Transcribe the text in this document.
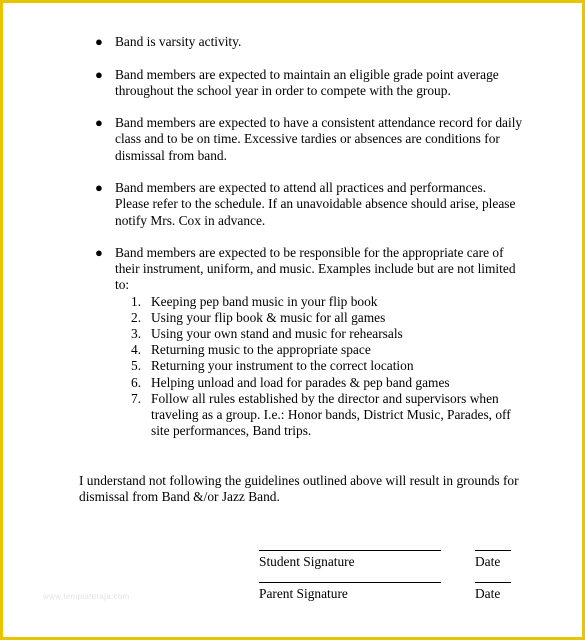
● Band is varsity activity.
● Band members are expected to maintain an eligible grade point average throughout the school year in order to compete with the group.
● Band members are expected to have a consistent attendance record for daily class and to be on time. Excessive tardies or absences are conditions for dismissal from band.
● Band members are expected to attend all practices and performances. Please refer to the schedule. If an unavoidable absence should arise, please notify Mrs. Cox in advance.
● Band members are expected to be responsible for the appropriate care of their instrument, uniform, and music. Examples include but are not limited to:
1. Keeping pep band music in your flip book
2. Using your flip book & music for all games
3. Using your own stand and music for rehearsals
4. Returning music to the appropriate space
5. Returning your instrument to the correct location
6. Helping unload and load for parades & pep band games
7. Follow all rules established by the director and supervisors when traveling as a group. I.e.: Honor bands, District Music, Parades, off site performances, Band trips.

I understand not following the guidelines outlined above will result in grounds for dismissal from Band &/or Jazz Band.

Student Signature	Date
Parent Signature	Date
www.templateraja.com
